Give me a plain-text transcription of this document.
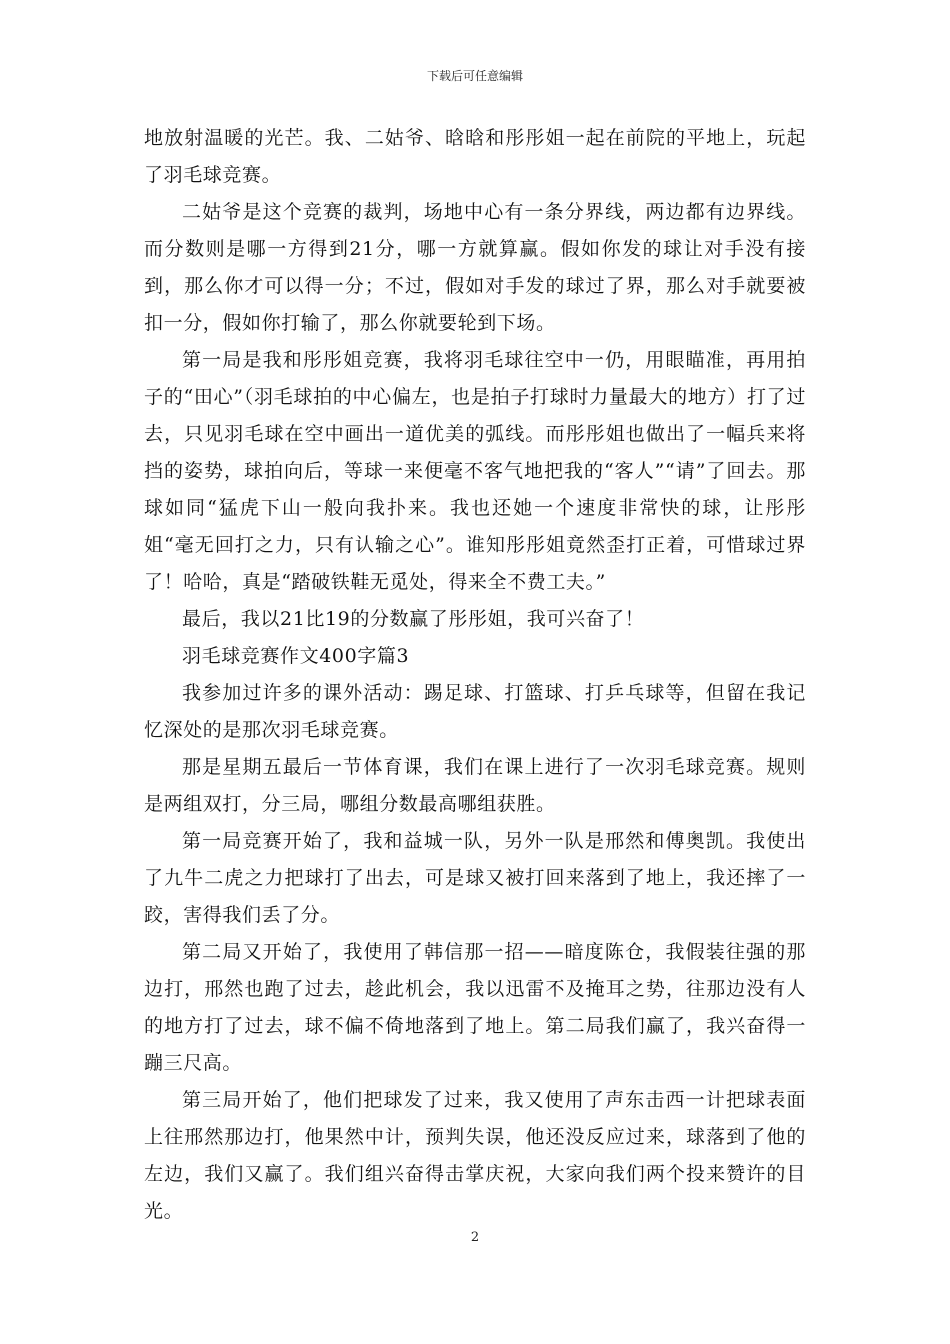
下载后可任意编辑

地放射温暖的光芒。我、二姑爷、晗晗和彤彤姐一起在前院的平地上，玩起了羽毛球竞赛。

二姑爷是这个竞赛的裁判，场地中心有一条分界线，两边都有边界线。而分数则是哪一方得到21分，哪一方就算赢。假如你发的球让对手没有接到，那么你才可以得一分；不过，假如对手发的球过了界，那么对手就要被扣一分，假如你打输了，那么你就要轮到下场。

第一局是我和彤彤姐竞赛，我将羽毛球往空中一仍，用眼瞄准，再用拍子的“田心”（羽毛球拍的中心偏左，也是拍子打球时力量最大的地方）打了过去，只见羽毛球在空中画出一道优美的弧线。而彤彤姐也做出了一幅兵来将挡的姿势，球拍向后，等球一来便毫不客气地把我的“客人”“请”了回去。那球如同“猛虎下山一般向我扑来。我也还她一个速度非常快的球，让彤彤姐“毫无回打之力，只有认输之心”。谁知彤彤姐竟然歪打正着，可惜球过界了！哈哈，真是“踏破铁鞋无觅处，得来全不费工夫。”

最后，我以21比19的分数赢了彤彤姐，我可兴奋了！

羽毛球竞赛作文400字篇3

我参加过许多的课外活动：踢足球、打篮球、打乒乓球等，但留在我记忆深处的是那次羽毛球竞赛。

那是星期五最后一节体育课，我们在课上进行了一次羽毛球竞赛。规则是两组双打，分三局，哪组分数最高哪组获胜。

第一局竞赛开始了，我和益城一队，另外一队是邢然和傅奥凯。我使出了九牛二虎之力把球打了出去，可是球又被打回来落到了地上，我还摔了一跤，害得我们丢了分。

第二局又开始了，我使用了韩信那一招——暗度陈仓，我假装往强的那边打，邢然也跑了过去，趁此机会，我以迅雷不及掩耳之势，往那边没有人的地方打了过去，球不偏不倚地落到了地上。第二局我们赢了，我兴奋得一蹦三尺高。

第三局开始了，他们把球发了过来，我又使用了声东击西一计把球表面上往邢然那边打，他果然中计，预判失误，他还没反应过来，球落到了他的左边，我们又赢了。我们组兴奋得击掌庆祝，大家向我们两个投来赞许的目光。

2
